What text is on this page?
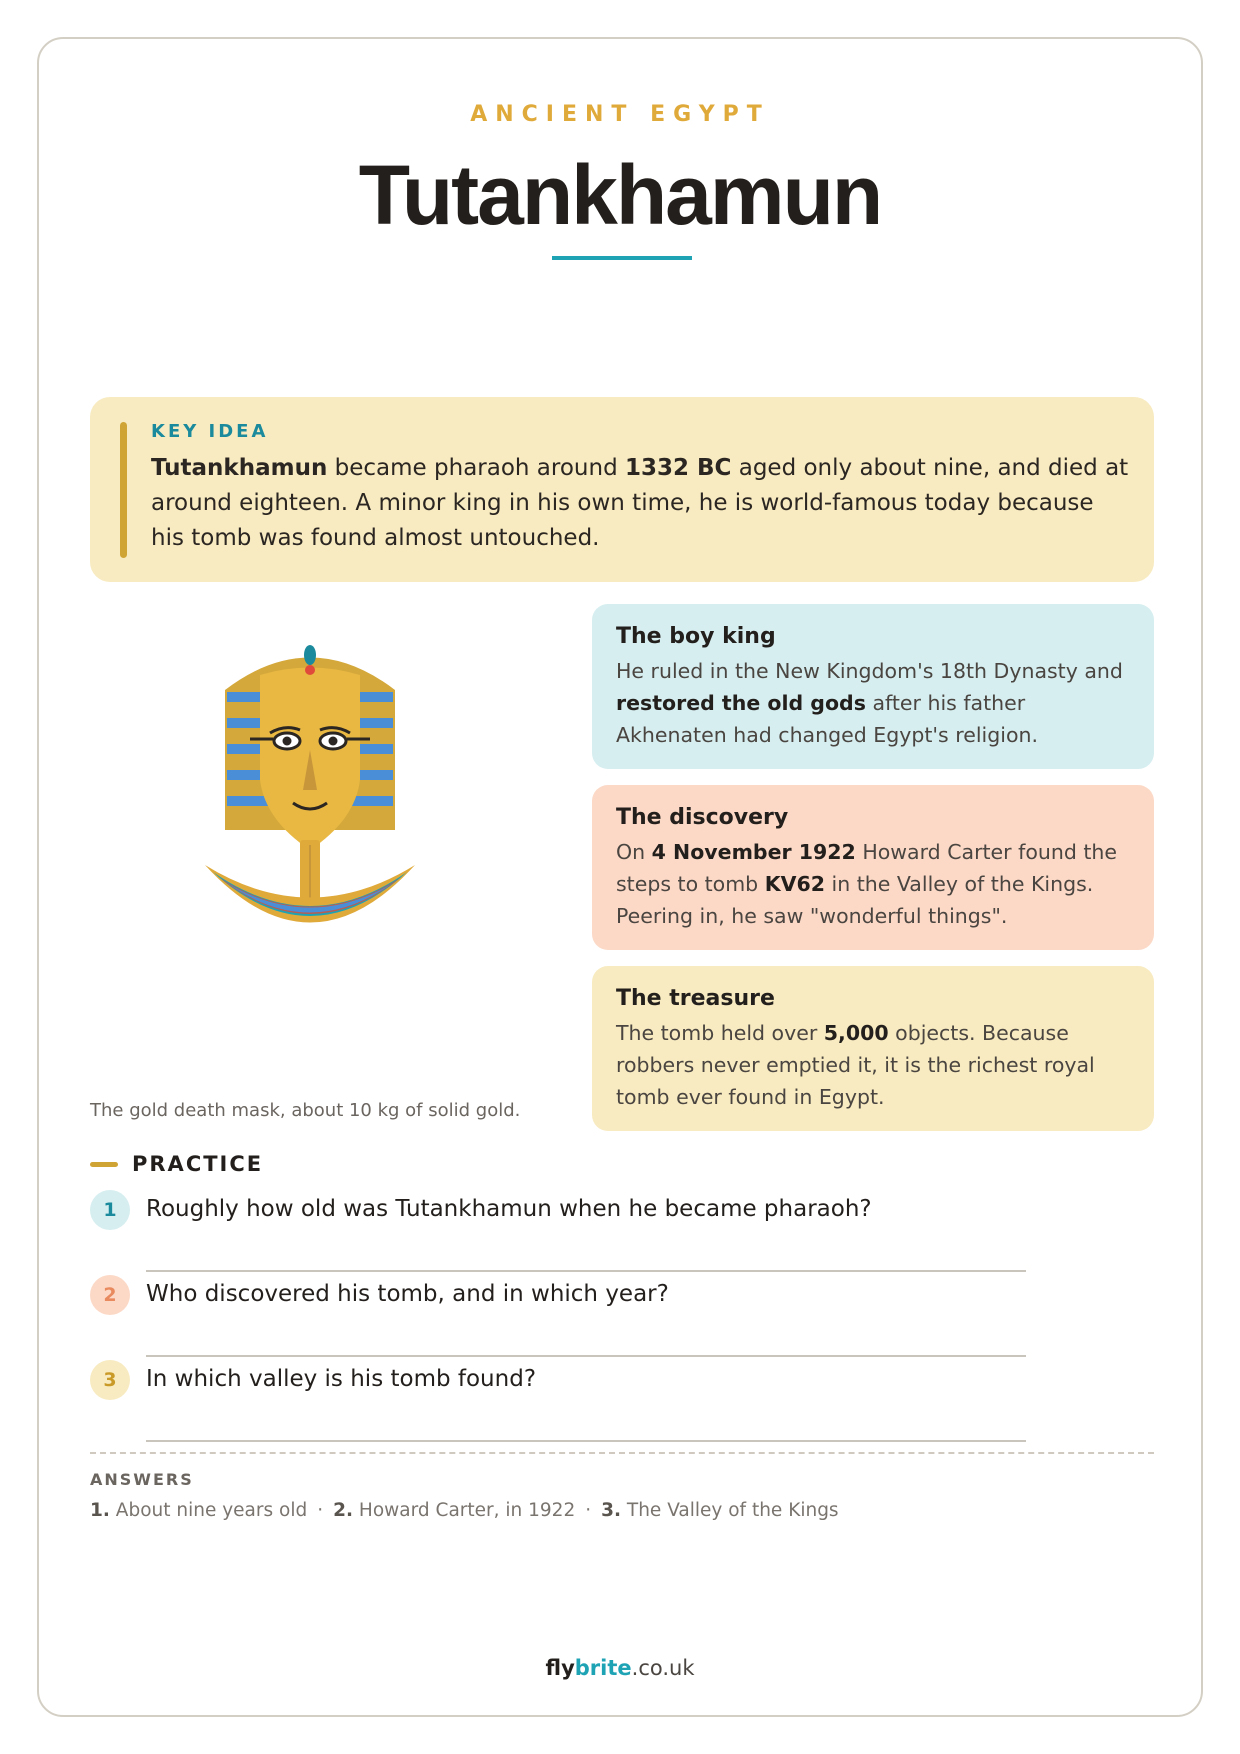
ANCIENT EGYPT
Tutankhamun
KEY IDEA
Tutankhamun became pharaoh around 1332 BC aged only about nine, and died at around eighteen. A minor king in his own time, he is world-famous today because his tomb was found almost untouched.
The gold death mask, about 10 kg of solid gold.
The boy king
He ruled in the New Kingdom's 18th Dynasty and restored the old gods after his father Akhenaten had changed Egypt's religion.
The discovery
On 4 November 1922 Howard Carter found the steps to tomb KV62 in the Valley of the Kings. Peering in, he saw "wonderful things".
The treasure
The tomb held over 5,000 objects. Because robbers never emptied it, it is the richest royal tomb ever found in Egypt.
PRACTICE
1	Roughly how old was Tutankhamun when he became pharaoh?
2	Who discovered his tomb, and in which year?
3	In which valley is his tomb found?
ANSWERS
1. About nine years old · 2. Howard Carter, in 1922 · 3. The Valley of the Kings
flybrite.co.uk
